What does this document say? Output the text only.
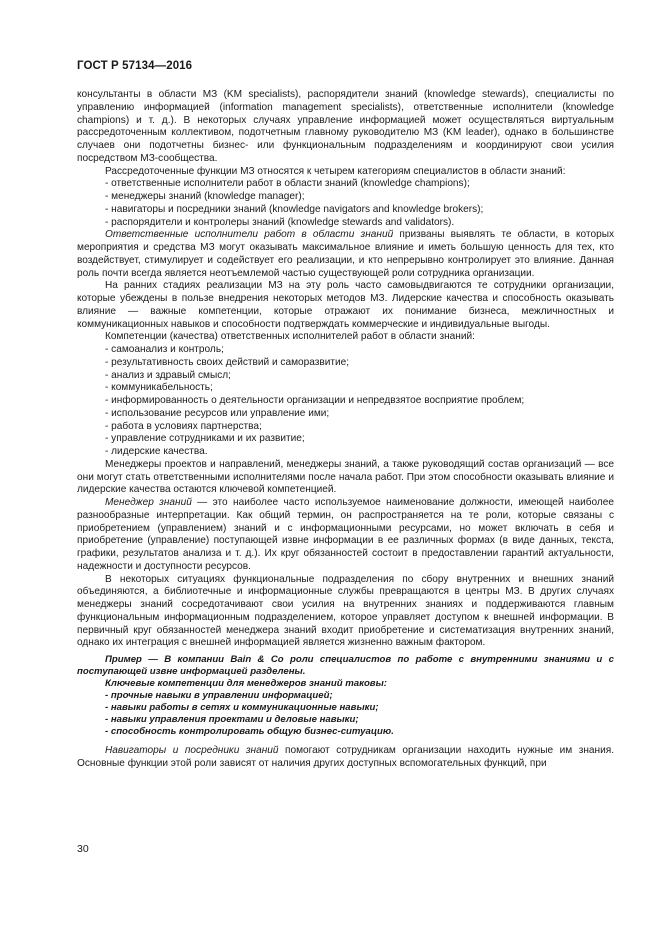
ГОСТ Р 57134—2016

консультанты в области МЗ (KM specialists), распорядители знаний (knowledge stewards), специалисты по управлению информацией (information management specialists), ответственные исполнители (knowledge champions) и т. д.). В некоторых случаях управление информацией может осуществляться виртуальным рассредоточенным коллективом, подотчетным главному руководителю МЗ (KM leader), однако в большинстве случаев они подотчетны бизнес- или функциональным подразделениям и координируют свои усилия посредством МЗ-сообщества.

Рассредоточенные функции МЗ относятся к четырем категориям специалистов в области знаний:

- ответственные исполнители работ в области знаний (knowledge champions);

- менеджеры знаний (knowledge manager);

- навигаторы и посредники знаний (knowledge navigators and knowledge brokers);

- распорядители и контролеры знаний (knowledge stewards and validators).

Ответственные исполнители работ в области знаний призваны выявлять те области, в которых мероприятия и средства МЗ могут оказывать максимальное влияние и иметь большую ценность для тех, кто воздействует, стимулирует и содействует его реализации, и кто непрерывно контролирует это влияние. Данная роль почти всегда является неотъемлемой частью существующей роли сотрудника организации.

На ранних стадиях реализации МЗ на эту роль часто самовыдвигаются те сотрудники организации, которые убеждены в пользе внедрения некоторых методов МЗ. Лидерские качества и способность оказывать влияние — важные компетенции, которые отражают их понимание бизнеса, межличностных и коммуникационных навыков и способности подтверждать коммерческие и индивидуальные выгоды.

Компетенции (качества) ответственных исполнителей работ в области знаний:

- самоанализ и контроль;

- результативность своих действий и саморазвитие;

- анализ и здравый смысл;

- коммуникабельность;

- информированность о деятельности организации и непредвзятое восприятие проблем;

- использование ресурсов или управление ими;

- работа в условиях партнерства;

- управление сотрудниками и их развитие;

- лидерские качества.

Менеджеры проектов и направлений, менеджеры знаний, а также руководящий состав организаций — все они могут стать ответственными исполнителями после начала работ. При этом способности оказывать влияние и лидерские качества остаются ключевой компетенцией.

Менеджер знаний — это наиболее часто используемое наименование должности, имеющей наиболее разнообразные интерпретации. Как общий термин, он распространяется на те роли, которые связаны с приобретением (управлением) знаний и с информационными ресурсами, но может включать в себя и приобретение (управление) поступающей извне информации в ее различных формах (в виде данных, текста, графики, результатов анализа и т. д.). Их круг обязанностей состоит в предоставлении гарантий актуальности, надежности и доступности ресурсов.

В некоторых ситуациях функциональные подразделения по сбору внутренних и внешних знаний объединяются, а библиотечные и информационные службы превращаются в центры МЗ. В других случаях менеджеры знаний сосредотачивают свои усилия на внутренних знаниях и поддерживаются главным функциональным информационным подразделением, которое управляет доступом к внешней информации. В первичный круг обязанностей менеджера знаний входит приобретение и систематизация внутренних знаний, однако их интеграция с внешней информацией является жизненно важным фактором.

Пример — В компании Bain & Co роли специалистов по работе с внутренними знаниями и с поступающей извне информацией разделены.

Ключевые компетенции для менеджеров знаний таковы:

- прочные навыки в управлении информацией;

- навыки работы в сетях и коммуникационные навыки;

- навыки управления проектами и деловые навыки;

- способность контролировать общую бизнес-ситуацию.

Навигаторы и посредники знаний помогают сотрудникам организации находить нужные им знания. Основные функции этой роли зависят от наличия других доступных вспомогательных функций, при

30
